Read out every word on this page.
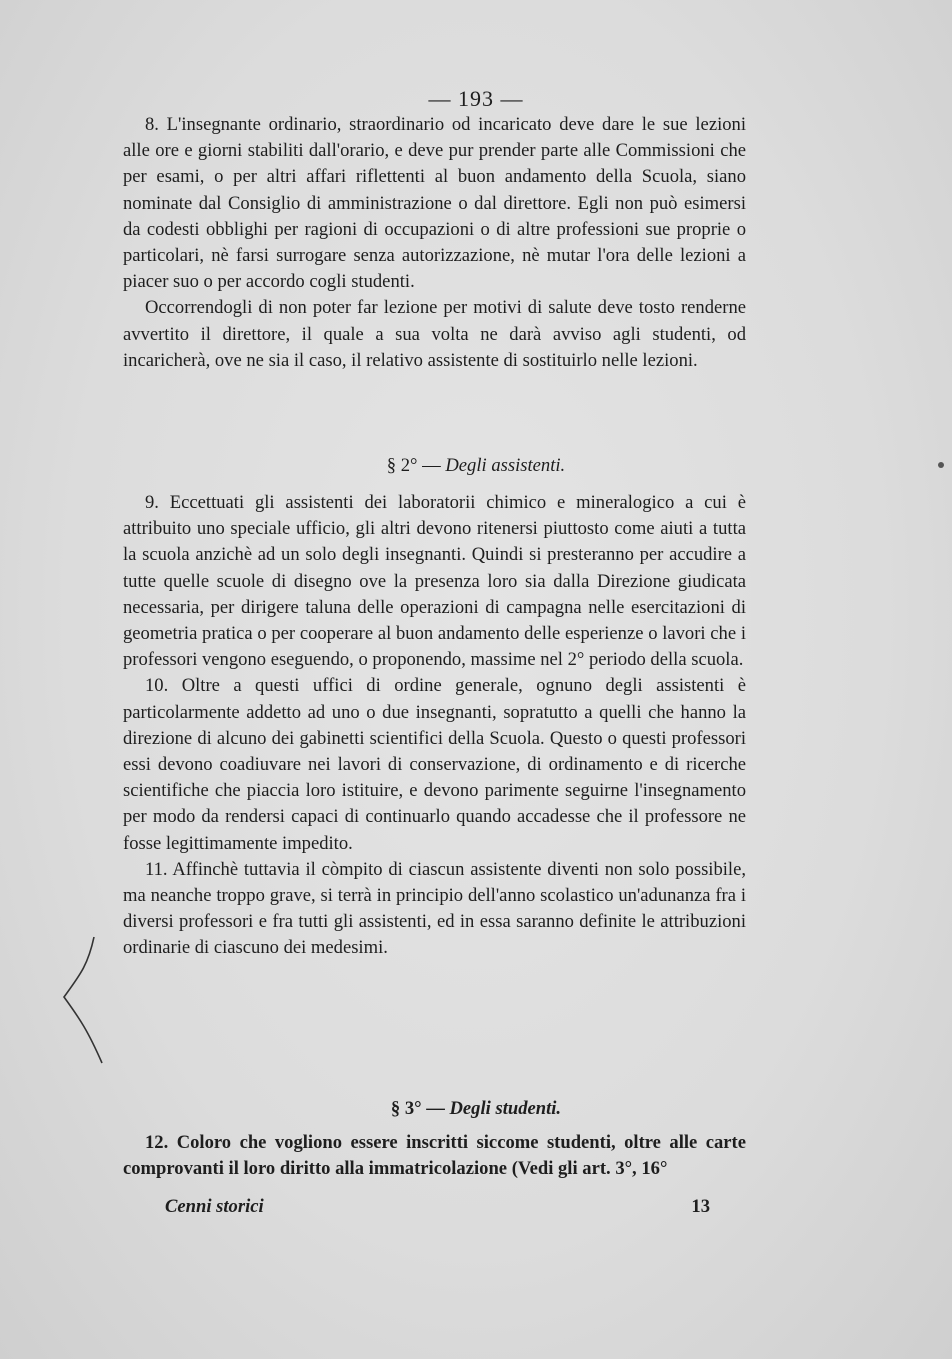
— 193 —

8. L'insegnante ordinario, straordinario od incaricato deve dare le sue lezioni alle ore e giorni stabiliti dall'orario, e deve pur prender parte alle Commissioni che per esami, o per altri affari riflettenti al buon andamento della Scuola, siano nominate dal Consiglio di amministrazione o dal direttore. Egli non può esimersi da codesti obblighi per ragioni di occupazioni o di altre professioni sue proprie o particolari, nè farsi surrogare senza autorizzazione, nè mutar l'ora delle lezioni a piacer suo o per accordo cogli studenti.

Occorrendogli di non poter far lezione per motivi di salute deve tosto renderne avvertito il direttore, il quale a sua volta ne darà avviso agli studenti, od incaricherà, ove ne sia il caso, il relativo assistente di sostituirlo nelle lezioni.

§ 2° — Degli assistenti.

9. Eccettuati gli assistenti dei laboratorii chimico e mineralogico a cui è attribuito uno speciale ufficio, gli altri devono ritenersi piuttosto come aiuti a tutta la scuola anzichè ad un solo degli insegnanti. Quindi si presteranno per accudire a tutte quelle scuole di disegno ove la presenza loro sia dalla Direzione giudicata necessaria, per dirigere taluna delle operazioni di campagna nelle esercitazioni di geometria pratica o per cooperare al buon andamento delle esperienze o lavori che i professori vengono eseguendo, o proponendo, massime nel 2° periodo della scuola.

10. Oltre a questi uffici di ordine generale, ognuno degli assistenti è particolarmente addetto ad uno o due insegnanti, sopratutto a quelli che hanno la direzione di alcuno dei gabinetti scientifici della Scuola. Questo o questi professori essi devono coadiuvare nei lavori di conservazione, di ordinamento e di ricerche scientifiche che piaccia loro istituire, e devono parimente seguirne l'insegnamento per modo da rendersi capaci di continuarlo quando accadesse che il professore ne fosse legittimamente impedito.

11. Affinchè tuttavia il còmpito di ciascun assistente diventi non solo possibile, ma neanche troppo grave, si terrà in principio dell'anno scolastico un'adunanza fra i diversi professori e fra tutti gli assistenti, ed in essa saranno definite le attribuzioni ordinarie di ciascuno dei medesimi.

§ 3° — Degli studenti.

12. Coloro che vogliono essere inscritti siccome studenti, oltre alle carte comprovanti il loro diritto alla immatricolazione (Vedi gli art. 3°, 16°

Cenni storici	13
